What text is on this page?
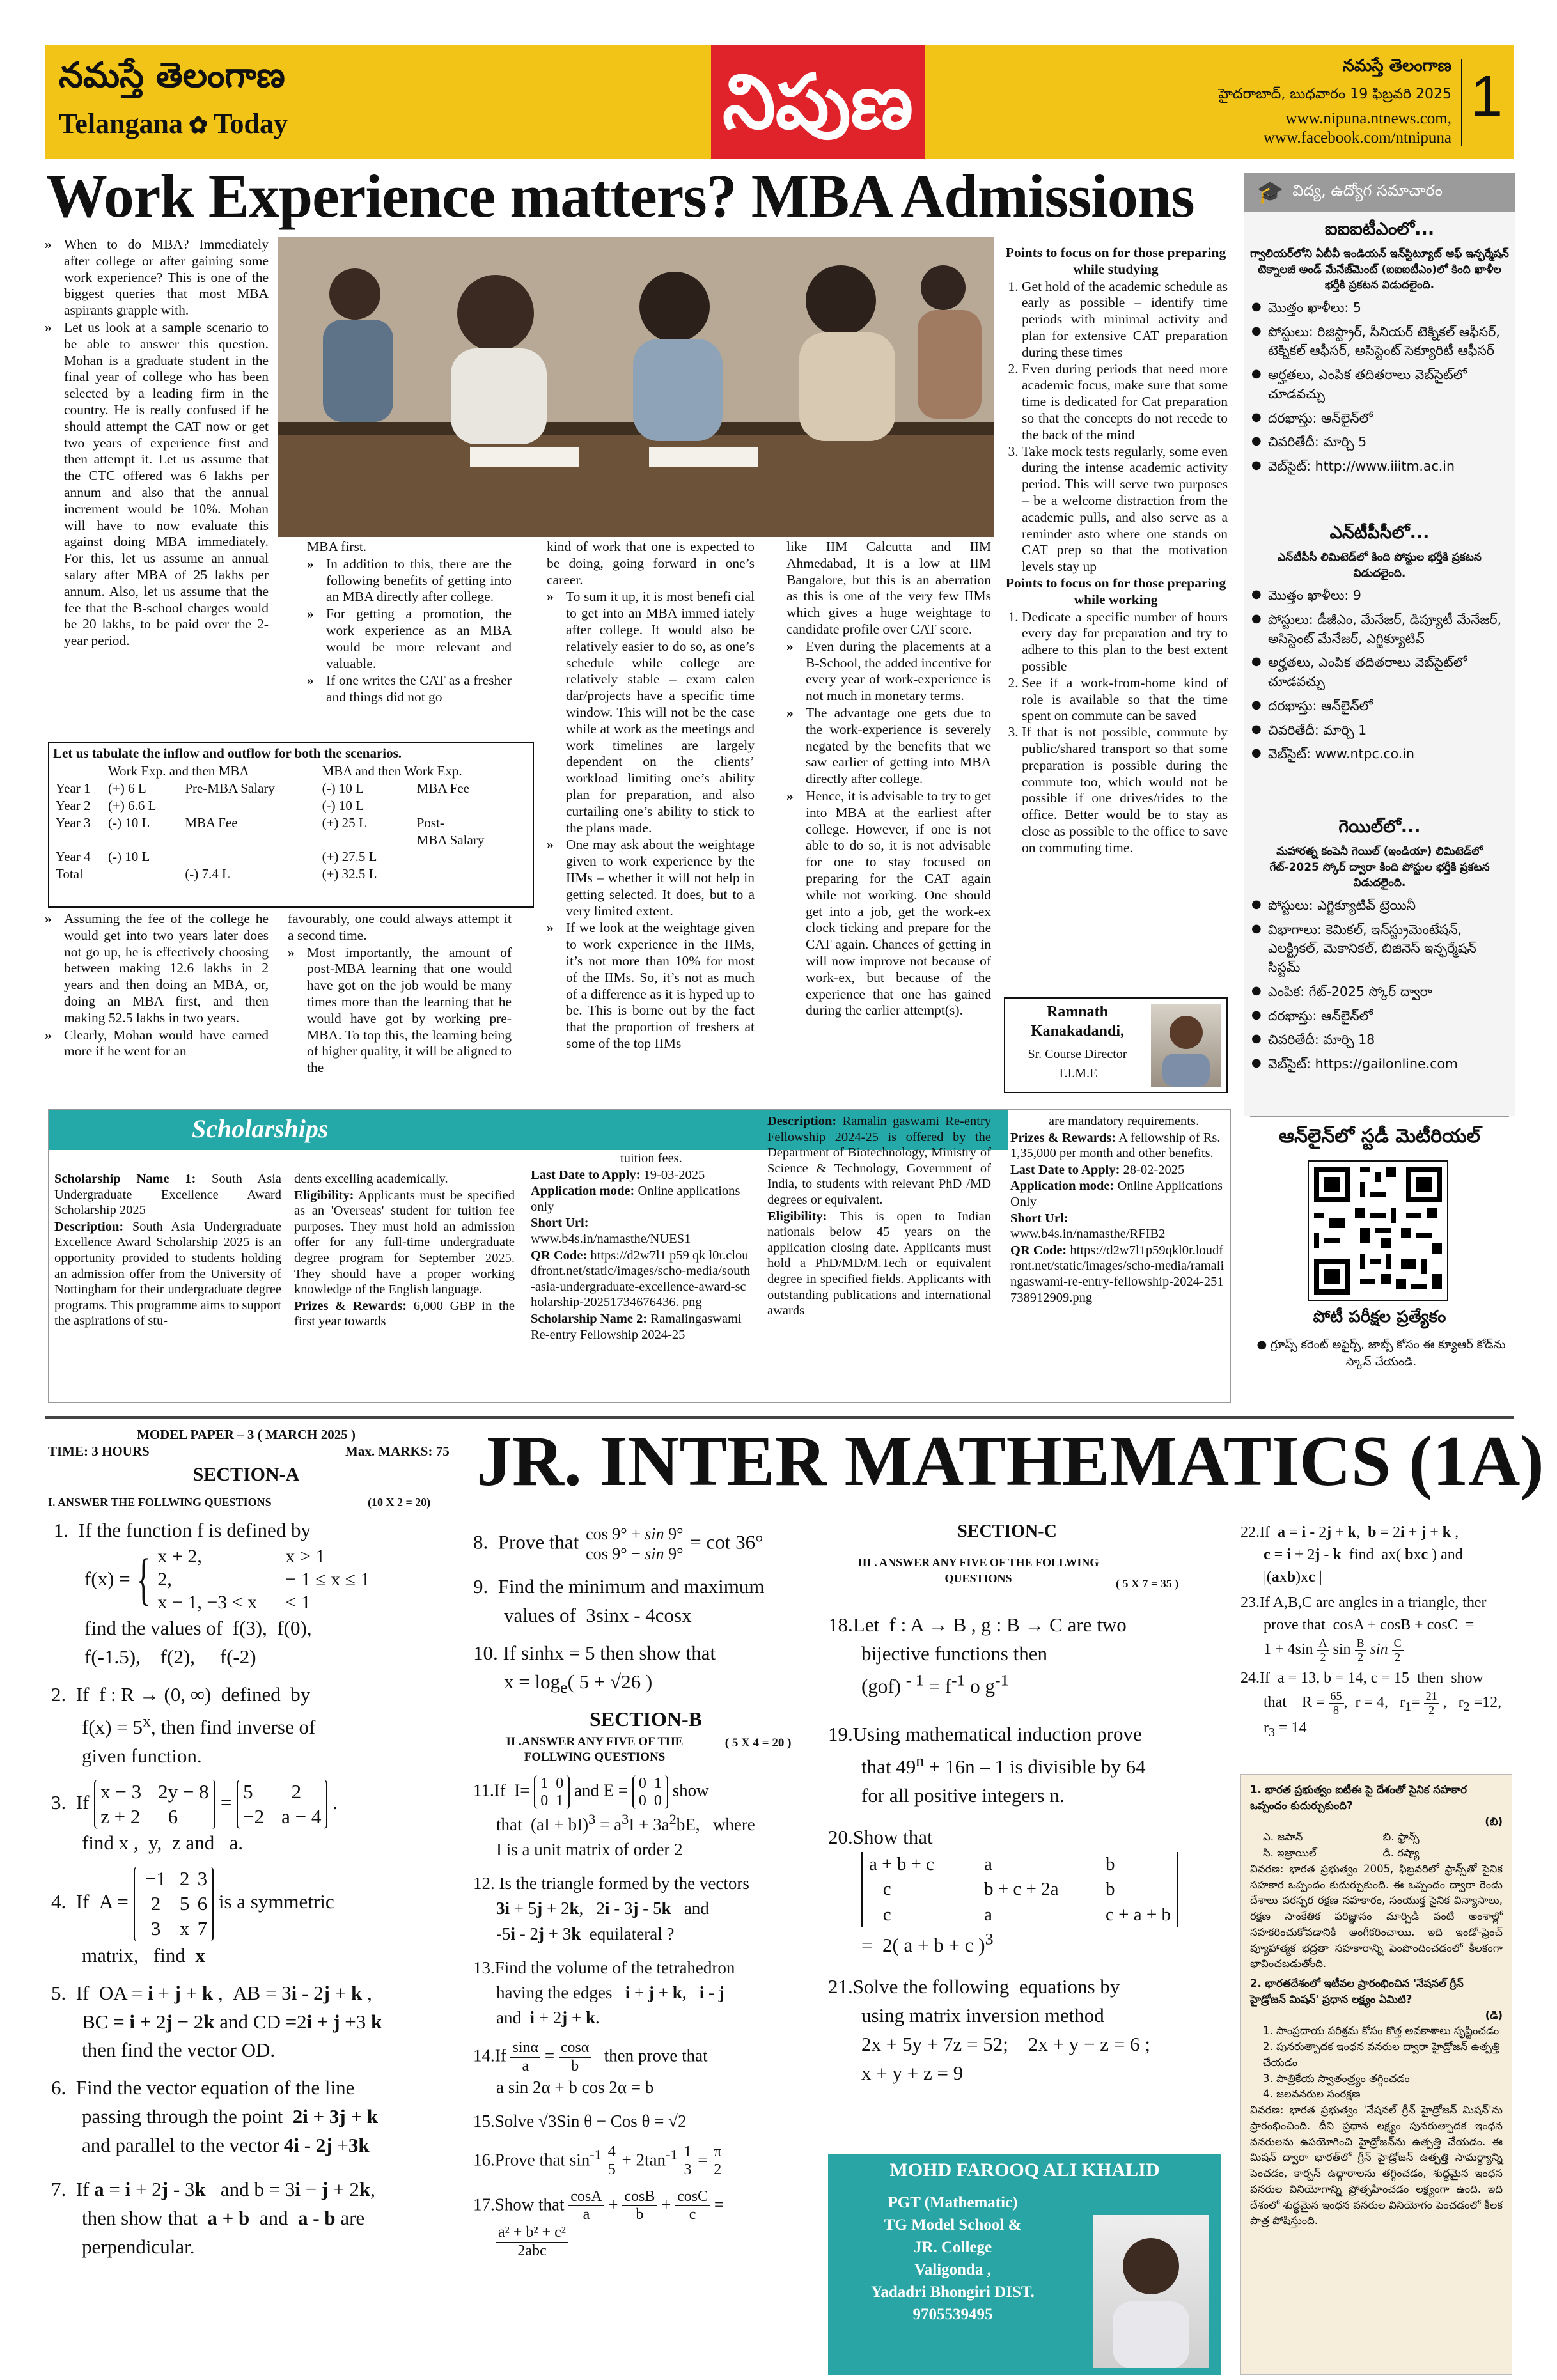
నమస్తే తెలంగాణ
Telangana ✿ Today	నిపుణ	నమస్తే తెలంగాణ
హైదరాబాద్, బుధవారం 19 ఫిబ్రవరి 2025
www.nipuna.ntnews.com,
www.facebook.com/ntnipuna
1
Work Experience matters? MBA Admissions

» When to do MBA? Immediately after college or after gaining some work experience? This is one of the biggest queries that most MBA aspirants grapple with.

» Let us look at a sample scenario to be able to answer this question. Mohan is a graduate student in the final year of college who has been selected by a leading firm in the country. He is really confused if he should attempt the CAT now or get two years of experience first and then attempt it. Let us assume that the CTC offered was 6 lakhs per annum and also that the annual increment would be 10%. Mohan will have to now evaluate this against doing MBA immediately. For this, let us assume an annual salary after MBA of 25 lakhs per annum. Also, let us assume that the fee that the B-school charges would be 20 lakhs, to be paid over the 2-year period.

MBA first.

» In addition to this, there are the following benefits of getting into an MBA directly after college.

» For getting a promotion, the work experience as an MBA would be more relevant and valuable.

» If one writes the CAT as a fresher and things did not go

kind of work that one is expected to be doing, going forward in one’s career.

» To sum it up, it is most benefi cial to get into an MBA immed iately after college. It would also be relatively easier to do so, as one’s schedule while college are relatively stable – exam calen dar/projects have a specific time window. This will not be the case while at work as the meetings and work timelines are largely dependent on the clients’ workload limiting one’s ability plan for preparation, and also curtailing one’s ability to stick to the plans made.

» One may ask about the weightage given to work experience by the IIMs – whether it will not help in getting selected. It does, but to a very limited extent.

» If we look at the weightage given to work experience in the IIMs, it’s not more than 10% for most of the IIMs. So, it’s not as much of a difference as it is hyped up to be. This is borne out by the fact that the proportion of freshers at some of the top IIMs

like IIM Calcutta and IIM Ahmedabad, It is a low at IIM Bangalore, but this is an aberration as this is one of the very few IIMs which gives a huge weightage to candidate profile over CAT score.

» Even during the placements at a B-School, the added incentive for every year of work-experience is not much in monetary terms.

» The advantage one gets due to the work-experience is severely negated by the benefits that we saw earlier of getting into MBA directly after college.

» Hence, it is advisable to try to get into MBA at the earliest after college. However, if one is not able to do so, it is not advisable for one to stay focused on preparing for the CAT again while not working. One should get into a job, get the work-ex clock ticking and prepare for the CAT again. Chances of getting in will now improve not because of work-ex, but because of the experience that one has gained during the earlier attempt(s).

Let us tabulate the inflow and outflow for both the scenarios.
	Work Exp. and then MBA		MBA and then Work Exp.	
Year 1	(+) 6 L	Pre-MBA Salary	(-) 10 L	MBA Fee
Year 2	(+) 6.6 L		(-) 10 L	
Year 3	(-) 10 L	MBA Fee	(+) 25 L	Post-
				MBA Salary
Year 4	(-) 10 L		(+) 27.5 L	
Total		(-) 7.4 L	(+) 32.5 L	

» Assuming the fee of the college he would get into two years later does not go up, he is effectively choosing between making 12.6 lakhs in 2 years and then doing an MBA, or, doing an MBA first, and then making 52.5 lakhs in two years.

» Clearly, Mohan would have earned more if he went for an

favourably, one could always attempt it a second time.

» Most importantly, the amount of post-MBA learning that one would have got on the job would be many times more than the learning that he would have got by working pre-MBA. To top this, the learning being of higher quality, it will be aligned to the

Points to focus on for those preparing while studying

1. Get hold of the academic schedule as early as possible – identify time periods with minimal activity and plan for extensive CAT preparation during these times
2. Even during periods that need more academic focus, make sure that some time is dedicated for Cat preparation so that the concepts do not recede to the back of the mind
3. Take mock tests regularly, some even during the intense academic activity period. This will serve two purposes – be a welcome distraction from the academic pulls, and also serve as a reminder asto where one stands on CAT prep so that the motivation levels stay up

Points to focus on for those preparing while working

1. Dedicate a specific number of hours every day for preparation and try to adhere to this plan to the best extent possible
2. See if a work-from-home kind of role is available so that the time spent on commute can be saved
3. If that is not possible, commute by public/shared transport so that some preparation is possible during the commute too, which would not be possible if one drives/rides to the office. Better would be to stay as close as possible to the office to save on commuting time.
Ramnath Kanakadandi,
Sr. Course Director
T.I.M.E
🎓 విద్య, ఉద్యోగ సమాచారం
ఐఐఐటీఎంలో...
గ్వాలియర్‌లోని ఏబీవీ ఇండియన్ ఇన్‌స్టిట్యూట్ ఆఫ్ ఇన్ఫర్మేషన్ టెక్నాలజీ అండ్ మేనేజ్‌మెంట్ (ఐఐఐటీఎం)లో కింది ఖాళీల భర్తీకి ప్రకటన విడుదలైంది.
● మొత్తం ఖాళీలు: 5
● పోస్టులు: రిజిస్ట్రార్, సీనియర్ టెక్నికల్ ఆఫీసర్, టెక్నికల్ ఆఫీసర్, అసిస్టెంట్ సెక్యూరిటీ ఆఫీసర్
● అర్హతలు, ఎంపిక తదితరాలు వెబ్‌సైట్‌లో చూడవచ్చు
● దరఖాస్తు: ఆన్‌లైన్‌లో
● చివరితేదీ: మార్చి 5
● వెబ్‌సైట్: http://www.iiitm.ac.in
ఎన్‌టీపీసీలో...
ఎన్‌టీపీసీ లిమిటెడ్‌లో కింది పోస్టుల భర్తీకి ప్రకటన విడుదలైంది.
● మొత్తం ఖాళీలు: 9
● పోస్టులు: డీజీఎం, మేనేజర్, డిప్యూటీ మేనేజర్, అసిస్టెంట్ మేనేజర్, ఎగ్జిక్యూటివ్
● అర్హతలు, ఎంపిక తదితరాలు వెబ్‌సైట్‌లో చూడవచ్చు
● దరఖాస్తు: ఆన్‌లైన్‌లో
● చివరితేదీ: మార్చి 1
● వెబ్‌సైట్: www.ntpc.co.in
గెయిల్‌లో...
మహారత్న కంపెనీ గెయిల్ (ఇండియా) లిమిటెడ్‌లో గేట్-2025 స్కోర్ ద్వారా కింది పోస్టుల భర్తీకి ప్రకటన విడుదలైంది.
● పోస్టులు: ఎగ్జిక్యూటివ్ ట్రెయినీ
● విభాగాలు: కెమికల్, ఇన్‌స్ట్రుమెంటేషన్, ఎలక్ట్రికల్, మెకానికల్, బిజినెస్ ఇన్ఫర్మేషన్ సిస్టమ్
● ఎంపిక: గేట్-2025 స్కోర్ ద్వారా
● దరఖాస్తు: ఆన్‌లైన్‌లో
● చివరితేదీ: మార్చి 18
● వెబ్‌సైట్: https://gailonline.com
ఆన్‌లైన్‌లో స్టడీ మెటీరియల్
పోటీ పరీక్షల ప్రత్యేకం
● గ్రూప్స్ కరెంట్ అఫైర్స్, జాబ్స్ కోసం ఈ క్యూఆర్ కోడ్‌ను స్కాన్ చేయండి.
Scholarships

Scholarship Name 1: South Asia Undergraduate Excellence Award Scholarship 2025

Description: South Asia Undergraduate Excellence Award Scholarship 2025 is an opportunity provided to students holding an admission offer from the University of Nottingham for their undergraduate degree programs. This programme aims to support the aspirations of stu-

dents excelling academically.

Eligibility: Applicants must be specified as an 'Overseas' student for tuition fee purposes. They must hold an admission offer for any full-time undergraduate degree program for September 2025. They should have a proper working knowledge of the English language.

Prizes & Rewards: 6,000 GBP in the first year towards

tuition fees.

Last Date to Apply: 19-03-2025

Application mode: Online applications only

Short Url: www.b4s.in/namasthe/NUES1

QR Code: https://d2w7l1 p59 qk l0r.cloudfront.net/static/images/scho-media/south-asia-undergraduate-excellence-award-scholarship-20251734676436. png

Scholarship Name 2: Ramalingaswami Re-entry Fellowship 2024-25

Description: Ramalin gaswami Re-entry Fellowship 2024-25 is offered by the Department of Biotechnology, Ministry of Science & Technology, Government of India, to students with relevant PhD /MD degrees or equivalent.

Eligibility: This is open to Indian nationals below 45 years on the application closing date. Applicants must hold a PhD/MD/M.Tech or equivalent degree in specified fields. Applicants with outstanding publications and international awards

are mandatory requirements.

Prizes & Rewards: A fellowship of Rs. 1,35,000 per month and other benefits.

Last Date to Apply: 28-02-2025

Application mode: Online Applications Only

Short Url: www.b4s.in/namasthe/RFIB2

QR Code: https://d2w7l1p59qkl0r.loudfront.net/static/images/scho-media/ramalingaswami-re-entry-fellowship-2024-251738912909.png

MODEL PAPER – 3 ( MARCH 2025 )
TIME: 3 HOURS	Max. MARKS: 75 JR. INTER MATHEMATICS (1A)
SECTION-A
I. ANSWER THE FOLLWING QUESTIONS	(10 X 2 = 20)
1.  If the function f is defined by
f(x) = { x + 2,	x > 1
2,	− 1 ≤ x ≤ 1
x − 1, −3 < x < 1
find the values of  f(3),  f(0),
f(-1.5),    f(2),     f(-2)
2.  If  f : R → (0, ∞)  defined  by
$f(x) = 5^x$, then find inverse of
given function.
3.  If x − 3 2y − 8
z + 2  6 = 5  2
−2 a − 4 .
find x ,  y,  z and   a.
4.  If  A = −1 2 3
2 5 6
3 x 7 is a symmetric
matrix,   find  x
5.  If  OA = i + j + k ,  AB = 3i - 2j + k ,
BC = i + 2j − 2k and CD =2i + j +3 k
then find the vector OD.
6.  Find the vector equation of the line
passing through the point  2i + 3j + k
and parallel to the vector 4i - 2j +3k
7.  If a = i + 2j - 3k   and b = 3i − j + 2k,
then show that  a + b  and  a - b are
perpendicular.
8.  Prove that $\frac{\cos 9^\circ + \sin 9^\circ}{\cos 9^\circ - \sin 9^\circ} = \cot 36^\circ$
9.  Find the minimum and maximum
values of  3sinx - 4cosx
10. If sinhx = 5 then show that
$x = \log_e$( 5 + √26 )
SECTION-B
II .ANSWER ANY FIVE OF THE FOLLWING QUESTIONS $^{( 5 X 4 = 20 )}$
11.If  I= 1  0
0  1 and E = 0  1
0  0 show
that  $(aI + bI)^3 = a^3I + 3a^2bE$,   where
I is a unit matrix of order 2
12. Is the triangle formed by the vectors
3i + 5j + 2k,   2i - 3j - 5k   and
-5i - 2j + 3k  equilateral ?
13.Find the volume of the tetrahedron
having the edges   i + j + k,   i - j
and  i + 2j + k.
$14.If \frac{\sin\alpha}{a} = \frac{\cos\alpha}{b}$ then prove that
a sin 2α + b cos 2α = b
15.Solve √3Sin θ − Cos θ = √2
16.Prove that $\sin^{-1} \frac{4}{5} + 2\tan^{-1} \frac{1}{3} = \frac{\pi}{2}$
17.Show that $\frac{\cos A}{a} + \frac{\cos B}{b} + \frac{\cos C}{c}$ =

$\frac{\text{a² + b² + c²}}{\text{2abc}}$
SECTION-C
III . ANSWER ANY FIVE OF THE FOLLWING QUESTIONS	( 5 X 7 = 35 )
18.Let  f : A → B , g : B → C are two
bijective functions then
(gof) $^{- 1} = f^{-1}$ o $g^{-1}$
19.Using mathematical induction prove
that $49^n + 16n - 1$ is divisible by 64
for all positive integers n.
20.Show that
a + b + c	a	b
c	b + c + 2a	b
c	a	c + a + b
=  2( a + b + c )$^3$
21.Solve the following  equations by
using matrix inversion method
2x + 5y + 7z = 52;    2x + y − z = 6 ;
x + y + z = 9
MOHD FAROOQ ALI KHALID
PGT (Mathematic)
TG Model School &
JR. College
Valigonda ,
Yadadri Bhongiri DIST.
9705539495
22.If  a = i - 2j + k,  b = 2i + j + k ,
c = i + 2j - k  find  ax( bxc ) and
|(axb)xc |
23.If A,B,C are angles in a triangle, ther
prove that  cosA + cosB + cosC  =
$1 + 4\sin \frac{A}{2}$ $\sin \frac{B}{2}$ $\sin \frac{C}{2}$
24.If  a = 13, b = 14, c = 15  then  show
that    $R = \frac{65}{8}$ ,  r = 4,   $r_1= \frac{21}{2}$ ,   $r_2 =12$,
$r_3 = 14$
1. భారత ప్రభుత్వం ఐటీఈ పై దేశంతో సైనిక సహకార ఒప్పందం కుదుర్చుకుంది?
(బి)
ఎ. జపాన్	బి. ఫ్రాన్స్
సి. ఇజ్రాయిల్	డి. రష్యా
వివరణ: భారత ప్రభుత్వం 2005, ఫిబ్రవరిలో ఫ్రాన్స్‌తో సైనిక సహకార ఒప్పందం కుదుర్చుకుంది. ఈ ఒప్పందం ద్వారా రెండు దేశాలు పరస్పర రక్షణ సహకారం, సంయుక్త సైనిక విన్యాసాలు, రక్షణ సాంకేతిక పరిజ్ఞానం మార్పిడి వంటి అంశాల్లో సహకరించుకోవడానికి అంగీకరించాయి. ఇది ఇండో-ఫ్రెంచ్ వ్యూహాత్మక భద్రతా సహకారాన్ని పెంపొందించడంలో కీలకంగా భావించబడుతోంది.
2. భారతదేశంలో ఇటీవల ప్రారంభించిన 'నేషనల్ గ్రీన్ హైడ్రోజన్ మిషన్' ప్రధాన లక్ష్యం ఏమిటి?
(డి)
1. సాంప్రదాయ పరిశ్రమ కోసం కొత్త అవకాశాలు సృష్టించడం
2. పునరుత్పాదక ఇంధన వనరుల ద్వారా హైడ్రోజన్ ఉత్పత్తి చేయడం
3. పాత్రికేయ స్వాతంత్ర్యం తగ్గించడం
4. జలవనరుల సంరక్షణ
వివరణ: భారత ప్రభుత్వం 'నేషనల్ గ్రీన్ హైడ్రోజన్ మిషన్'ను ప్రారంభించింది. దీని ప్రధాన లక్ష్యం పునరుత్పాదక ఇంధన వనరులను ఉపయోగించి హైడ్రోజన్‌ను ఉత్పత్తి చేయడం. ఈ మిషన్ ద్వారా భారత్‌లో గ్రీన్ హైడ్రోజన్ ఉత్పత్తి సామర్థ్యాన్ని పెంచడం, కార్బన్ ఉద్గారాలను తగ్గించడం, శుద్ధమైన ఇంధన వనరుల వినియోగాన్ని ప్రోత్సహించడం లక్ష్యంగా ఉంది. ఇది దేశంలో శుద్ధమైన ఇంధన వనరుల వినియోగం పెంచడంలో కీలక పాత్ర పోషిస్తుంది.
